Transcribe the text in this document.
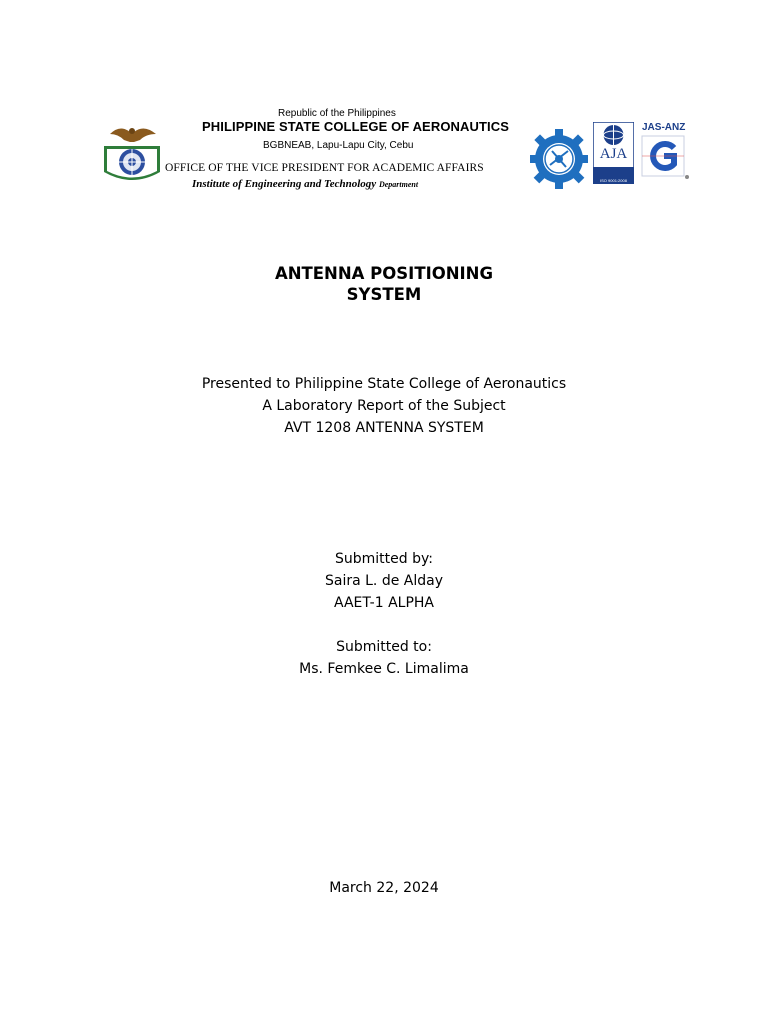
Republic of the Philippines
PHILIPPINE STATE COLLEGE OF AERONAUTICS
BGBNEAB, Lapu-Lapu City, Cebu
OFFICE OF THE VICE PRESIDENT FOR ACADEMIC AFFAIRS
Institute of Engineering and Technology Department
AJA
ISO 9001:2008
JAS-ANZ
ANTENNA POSITIONING
SYSTEM
Presented to Philippine State College of Aeronautics
A Laboratory Report of the Subject
AVT 1208 ANTENNA SYSTEM
Submitted by:
Saira L. de Alday
AAET-1 ALPHA
Submitted to:
Ms. Femkee C. Limalima
March 22, 2024
